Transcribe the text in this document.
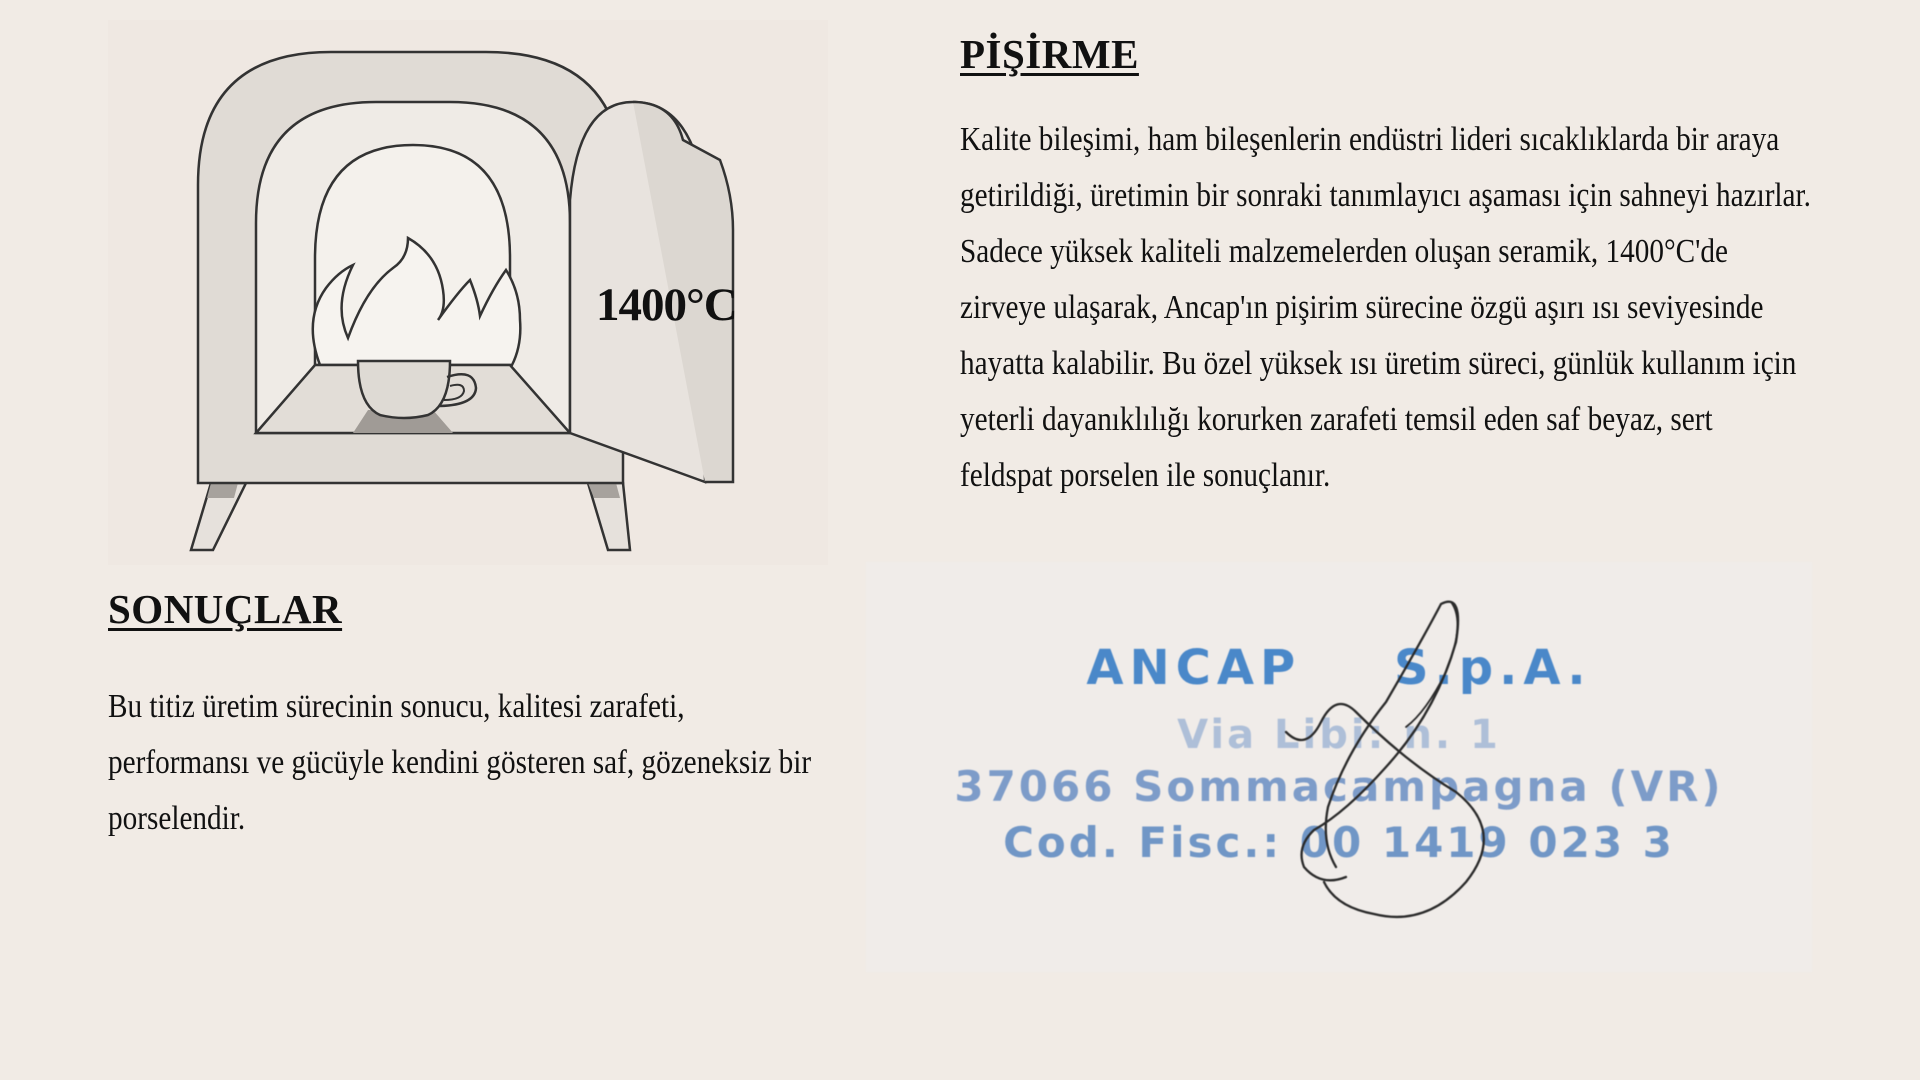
1400°C
PİŞİRME

Kalite bileşimi, ham bileşenlerin endüstri lideri sıcaklıklarda bir araya getirildiği, üretimin bir sonraki tanımlayıcı aşaması için sahneyi hazırlar. Sadece yüksek kaliteli malzemelerden oluşan seramik, 1400°C'de zirveye ulaşarak, Ancap'ın pişirim sürecine özgü aşırı ısı seviyesinde hayatta kalabilir. Bu özel yüksek ısı üretim süreci, günlük kullanım için yeterli dayanıklılığı korurken zarafeti temsil eden saf beyaz, sert feldspat porselen ile sonuçlanır.

SONUÇLAR

Bu titiz üretim sürecinin sonucu, kalitesi zarafeti, performansı ve gücüyle kendini gösteren saf, gözeneksiz bir porselendir.

ANCAP S.p.A.
Via Libi: n. 1
37066 Sommacampagna (VR)
Cod. Fisc.: 00 1419 023 3
